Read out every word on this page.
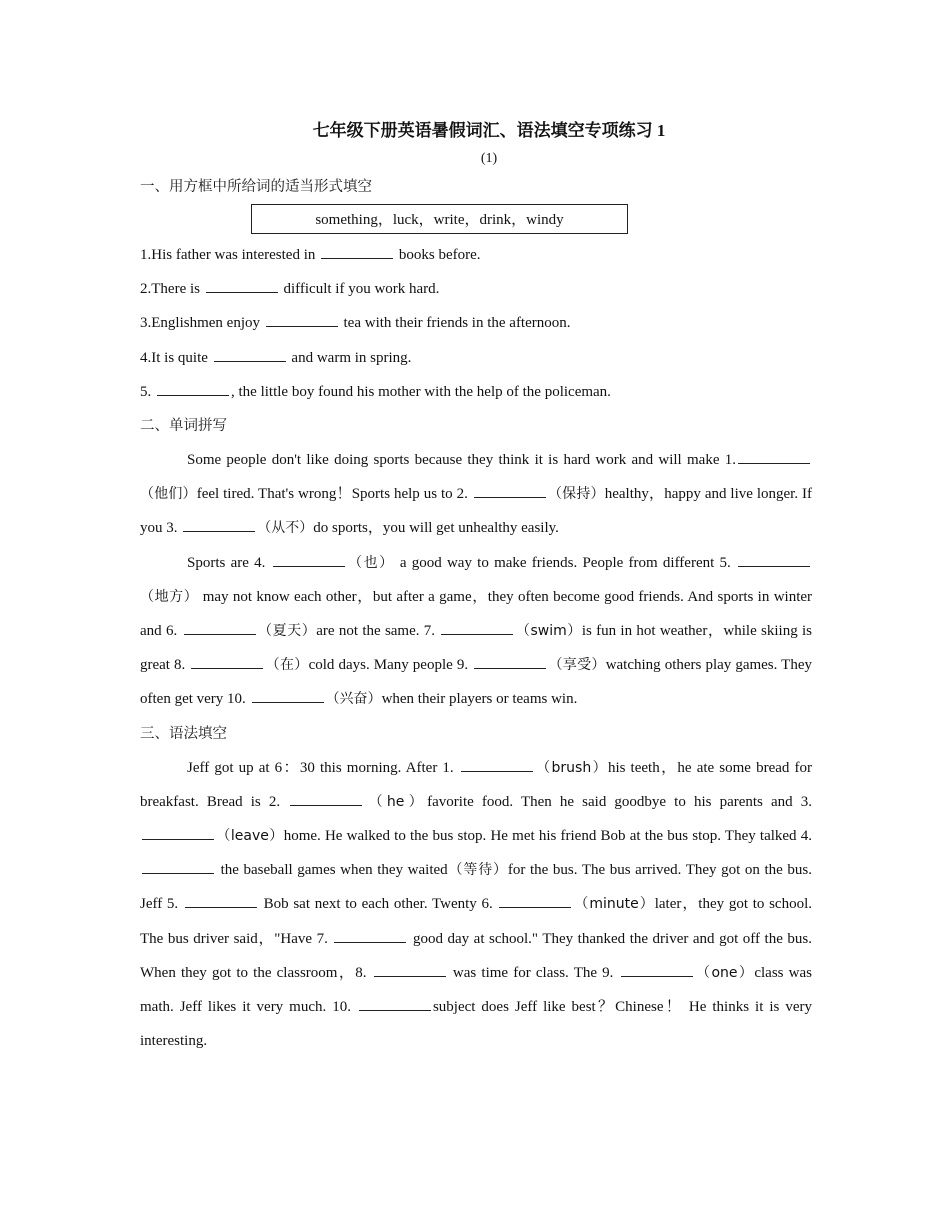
七年级下册英语暑假词汇、语法填空专项练习 1

(1)

一、用方框中所给词的适当形式填空

something，luck，write，drink，windy

1.His father was interested in	books before.

2.There is	difficult if you work hard.

3.Englishmen enjoy	tea with their friends in the afternoon.

4.It is quite	and warm in spring.

5.	, the little boy found his mother with the help of the policeman.

二、单词拼写

Some people don't like doing sports because they think it is hard work and will make 1.（他们）feel tired. That's wrong！Sports help us to 2.	（保持）healthy，happy and live longer. If you 3.	（从不）do sports，you will get unhealthy easily.

Sports are 4.	（也） a good way to make friends. People from different 5. （地方） may not know each other，but after a game，they often become good friends. And sports in winter and 6.	（夏天）are not the same. 7.	（swim）is fun in hot weather，while skiing is great 8.	（在）cold days. Many people 9.	（享受）watching others play games. They often get very 10.	（兴奋）when their players or teams win.

三、语法填空

Jeff got up at 6：30 this morning. After 1.	（brush）his teeth，he ate some bread for breakfast. Bread is 2.	（he）favorite food. Then he said goodbye to his parents and 3. （leave）home. He walked to the bus stop. He met his friend Bob at the bus stop. They talked 4.  the baseball games when they waited（等待）for the bus. The bus arrived. They got on the bus. Jeff 5.	Bob sat next to each other. Twenty 6.	（minute）later，they got to school. The bus driver said，"Have 7.	good day at school." They thanked the driver and got off the bus. When they got to the classroom，8.	was time for class. The 9.	（one）class was math. Jeff likes it very much. 10.	subject does Jeff like best？Chinese！ He thinks it is very interesting.
